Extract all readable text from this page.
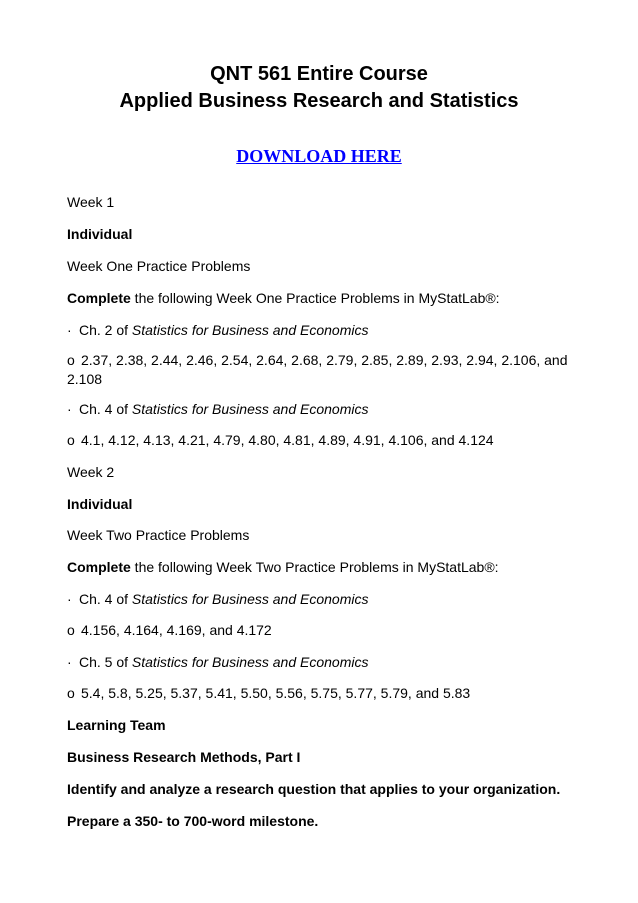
QNT 561 Entire Course
Applied Business Research and Statistics
DOWNLOAD HERE
Week 1
Individual
Week One Practice Problems
Complete the following Week One Practice Problems in MyStatLab®:
· Ch. 2 of Statistics for Business and Economics
o 2.37, 2.38, 2.44, 2.46, 2.54, 2.64, 2.68, 2.79, 2.85, 2.89, 2.93, 2.94, 2.106, and 2.108
· Ch. 4 of Statistics for Business and Economics
o 4.1, 4.12, 4.13, 4.21, 4.79, 4.80, 4.81, 4.89, 4.91, 4.106, and 4.124
Week 2
Individual
Week Two Practice Problems
Complete the following Week Two Practice Problems in MyStatLab®:
· Ch. 4 of Statistics for Business and Economics
o 4.156, 4.164, 4.169, and 4.172
· Ch. 5 of Statistics for Business and Economics
o 5.4, 5.8, 5.25, 5.37, 5.41, 5.50, 5.56, 5.75, 5.77, 5.79, and 5.83
Learning Team
Business Research Methods, Part I
Identify and analyze a research question that applies to your organization.
Prepare a 350- to 700-word milestone.
